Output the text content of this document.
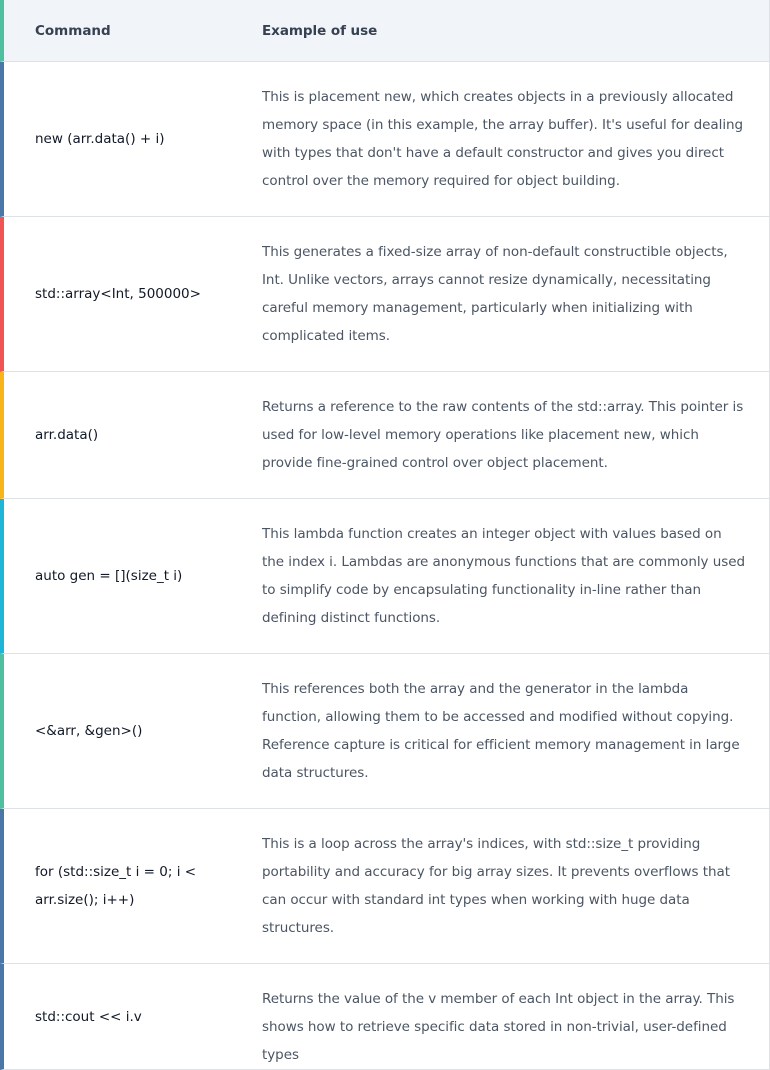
Command	Example of use
new (arr.data() + i)
This is placement new, which creates objects in a previously allocated memory space (in this example, the array buffer). It's useful for dealing with types that don't have a default constructor and gives you direct control over the memory required for object building.
std::array<Int, 500000>
This generates a fixed-size array of non-default constructible objects, Int. Unlike vectors, arrays cannot resize dynamically, necessitating careful memory management, particularly when initializing with complicated items.
arr.data()
Returns a reference to the raw contents of the std::array. This pointer is used for low-level memory operations like placement new, which provide fine-grained control over object placement.
auto gen = [](size_t i)
This lambda function creates an integer object with values based on the index i. Lambdas are anonymous functions that are commonly used to simplify code by encapsulating functionality in-line rather than defining distinct functions.
<&arr, &gen>()
This references both the array and the generator in the lambda function, allowing them to be accessed and modified without copying. Reference capture is critical for efficient memory management in large data structures.
for (std::size_t i = 0; i < arr.size(); i++)
This is a loop across the array's indices, with std::size_t providing portability and accuracy for big array sizes. It prevents overflows that can occur with standard int types when working with huge data structures.
std::cout << i.v
Returns the value of the v member of each Int object in the array. This shows how to retrieve specific data stored in non-trivial, user-defined types
